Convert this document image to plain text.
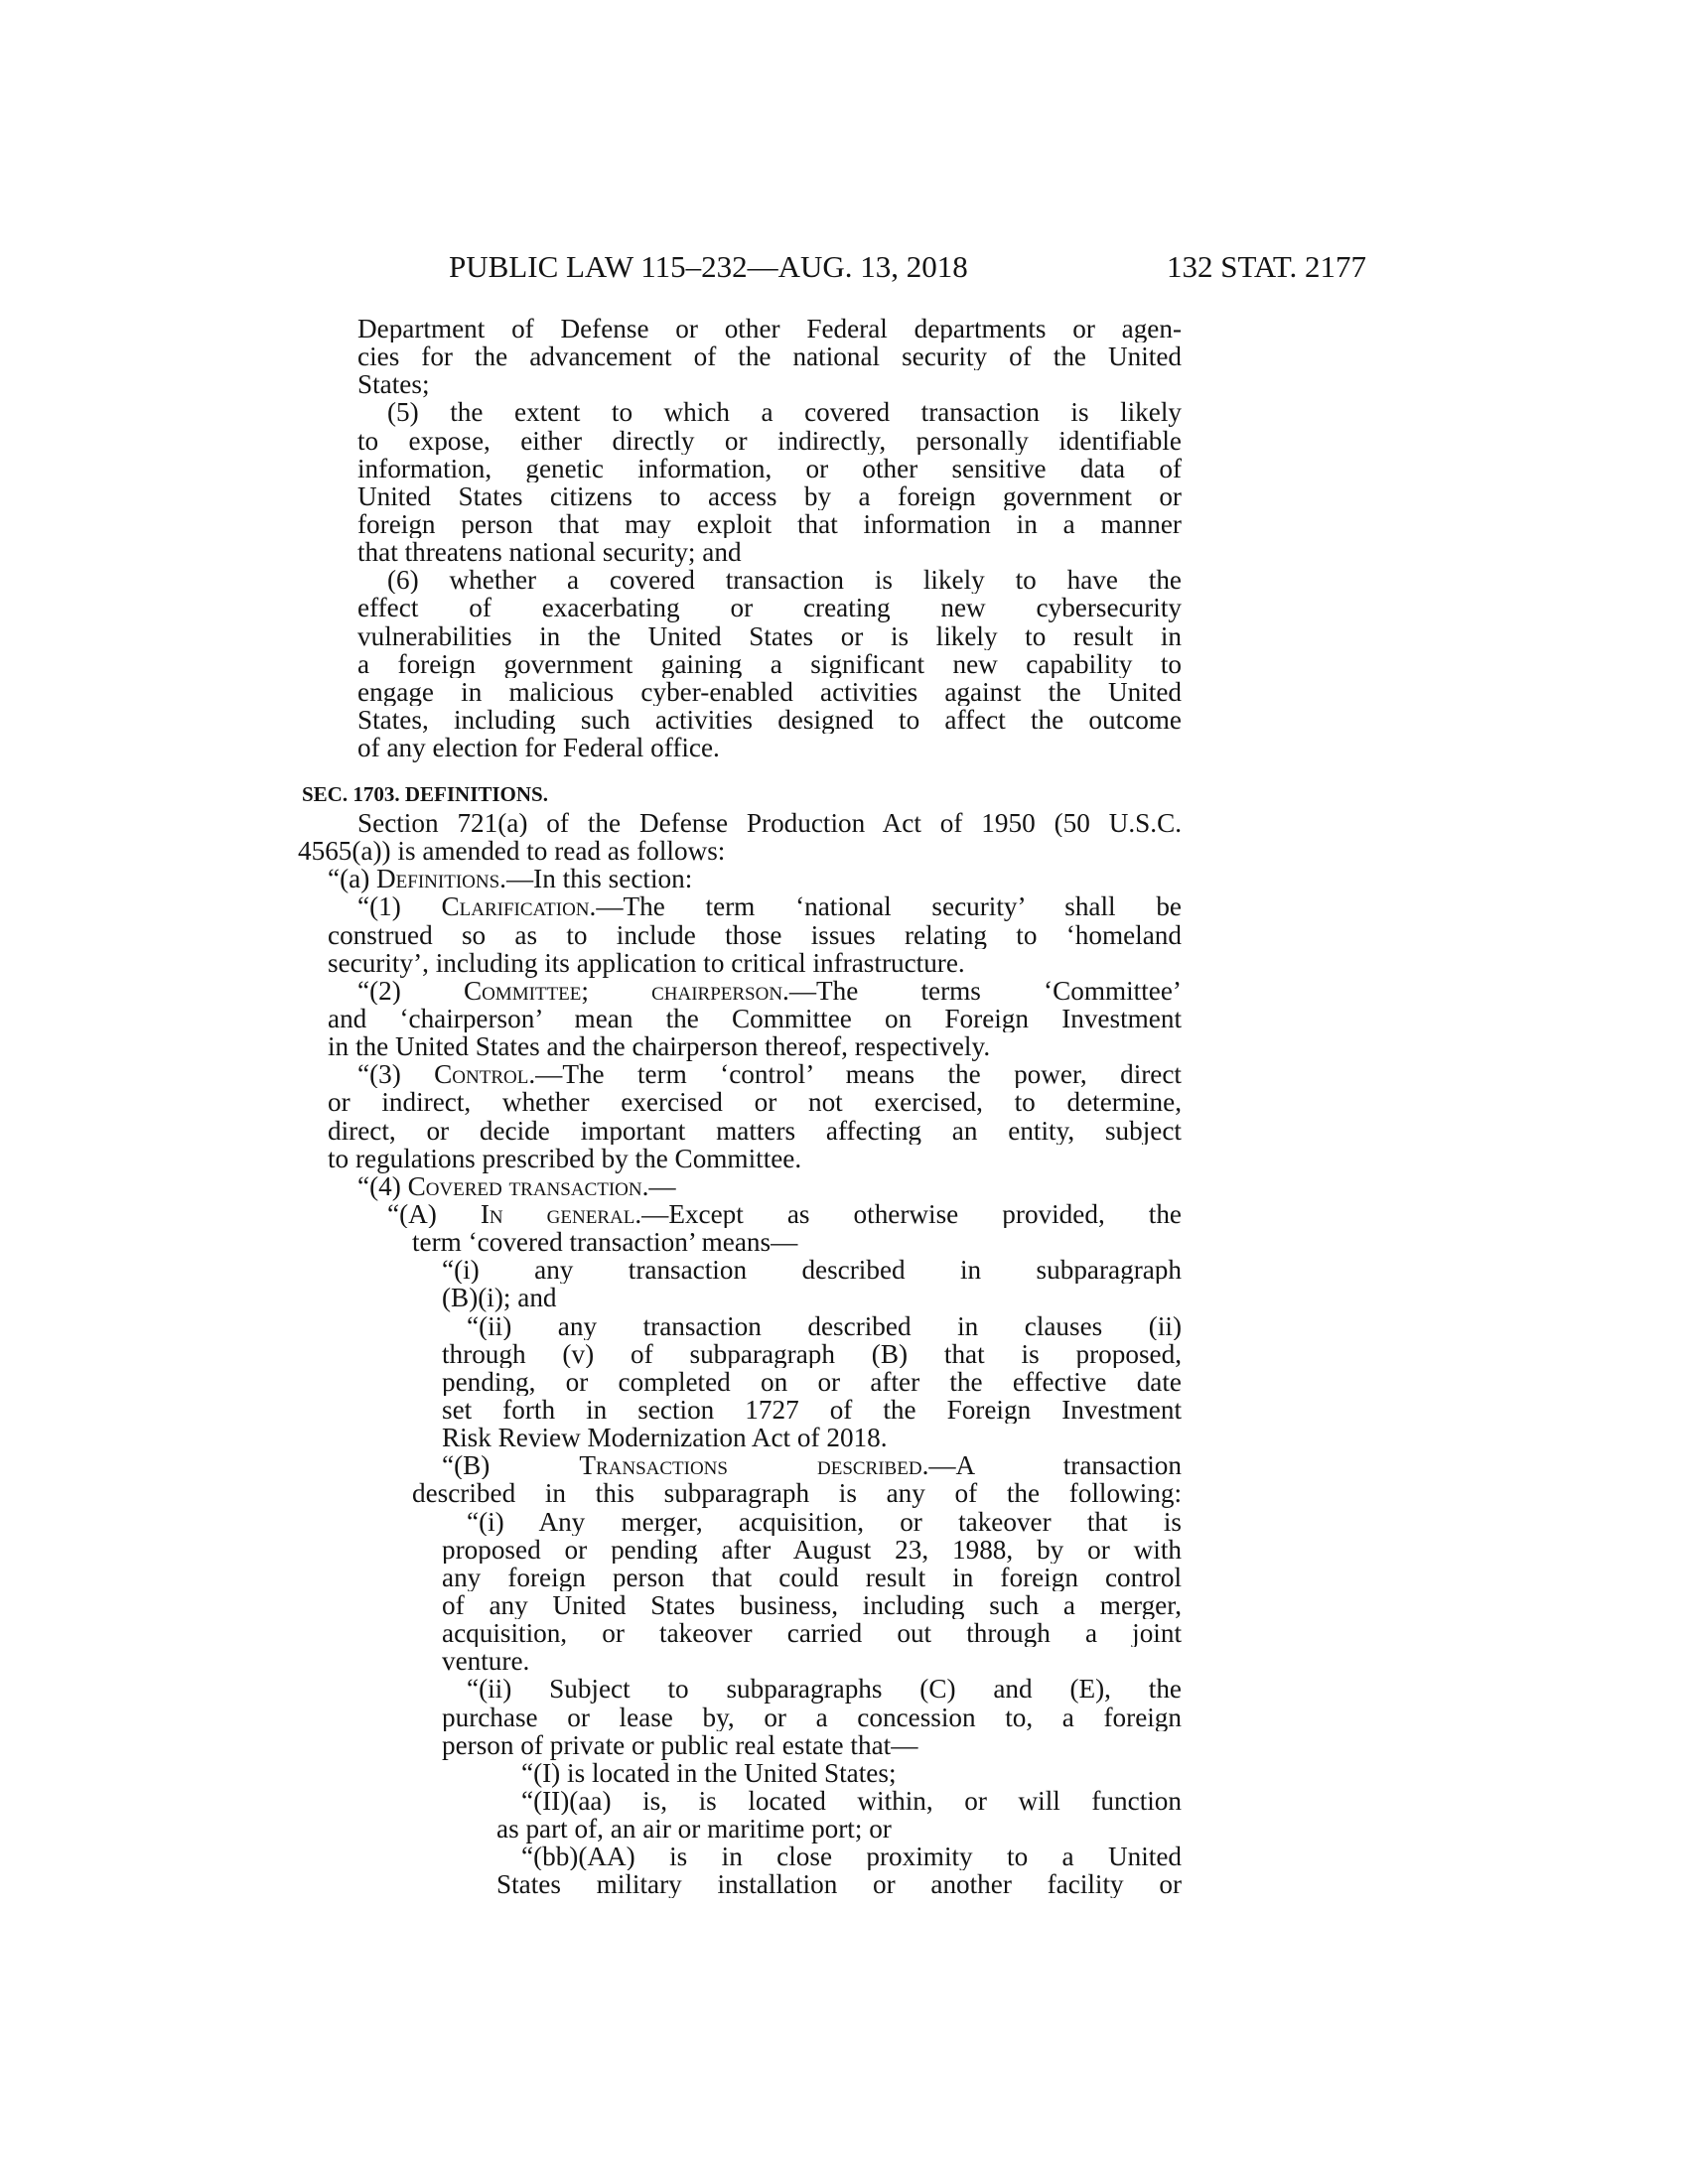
PUBLIC LAW 115–232—AUG. 13, 2018	132 STAT. 2177
Department of Defense or other Federal departments or agen-
cies for the advancement of the national security of the United
States;
(5) the extent to which a covered transaction is likely
to expose, either directly or indirectly, personally identifiable
information, genetic information, or other sensitive data of
United States citizens to access by a foreign government or
foreign person that may exploit that information in a manner
that threatens national security; and
(6) whether a covered transaction is likely to have the
effect of exacerbating or creating new cybersecurity
vulnerabilities in the United States or is likely to result in
a foreign government gaining a significant new capability to
engage in malicious cyber-enabled activities against the United
States, including such activities designed to affect the outcome
of any election for Federal office.
SEC. 1703. DEFINITIONS.
Section 721(a) of the Defense Production Act of 1950 (50 U.S.C.
4565(a)) is amended to read as follows:
“(a) Definitions.—In this section:
“(1) Clarification.—The term ‘national security’ shall be
construed so as to include those issues relating to ‘homeland
security’, including its application to critical infrastructure.
“(2) Committee; chairperson.—The terms ‘Committee’
and ‘chairperson’ mean the Committee on Foreign Investment
in the United States and the chairperson thereof, respectively.
“(3) Control.—The term ‘control’ means the power, direct
or indirect, whether exercised or not exercised, to determine,
direct, or decide important matters affecting an entity, subject
to regulations prescribed by the Committee.
“(4) Covered transaction.—
“(A) In general.—Except as otherwise provided, the
term ‘covered transaction’ means—
“(i) any transaction described in subparagraph
(B)(i); and
“(ii) any transaction described in clauses (ii)
through (v) of subparagraph (B) that is proposed,
pending, or completed on or after the effective date
set forth in section 1727 of the Foreign Investment
Risk Review Modernization Act of 2018.
“(B) Transactions described.—A transaction
described in this subparagraph is any of the following:
“(i) Any merger, acquisition, or takeover that is
proposed or pending after August 23, 1988, by or with
any foreign person that could result in foreign control
of any United States business, including such a merger,
acquisition, or takeover carried out through a joint
venture.
“(ii) Subject to subparagraphs (C) and (E), the
purchase or lease by, or a concession to, a foreign
person of private or public real estate that—
“(I) is located in the United States;
“(II)(aa) is, is located within, or will function
as part of, an air or maritime port; or
“(bb)(AA) is in close proximity to a United
States military installation or another facility or
